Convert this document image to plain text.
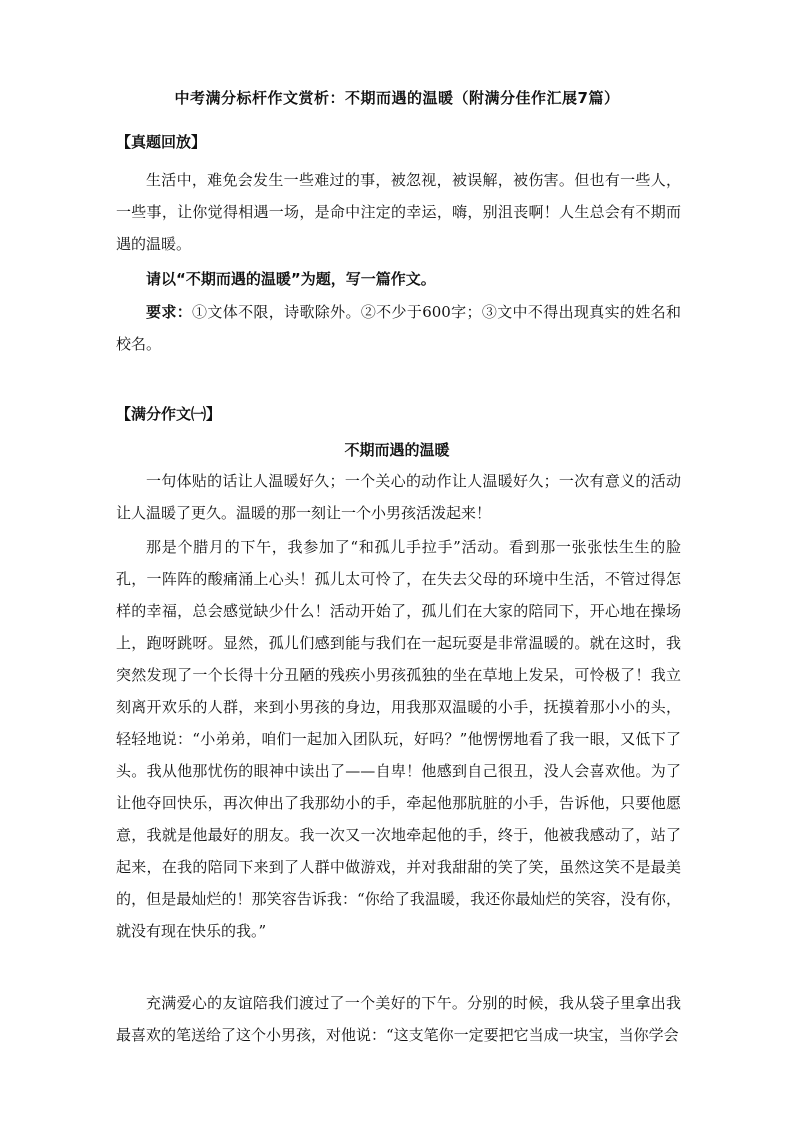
中考满分标杆作文赏析：不期而遇的温暖（附满分佳作汇展7篇）
【真题回放】

生活中，难免会发生一些难过的事，被忽视，被误解，被伤害。但也有一些人，一些事，让你觉得相遇一场，是命中注定的幸运，嗨，别沮丧啊！人生总会有不期而遇的温暖。

请以“不期而遇的温暖”为题，写一篇作文。

要求：①文体不限，诗歌除外。②不少于600字；③文中不得出现真实的姓名和校名。

【满分作文㈠】
不期而遇的温暖

一句体贴的话让人温暖好久；一个关心的动作让人温暖好久；一次有意义的活动让人温暖了更久。温暖的那一刻让一个小男孩活泼起来！

那是个腊月的下午，我参加了“和孤儿手拉手”活动。看到那一张张怯生生的脸孔，一阵阵的酸痛涌上心头！孤儿太可怜了，在失去父母的环境中生活，不管过得怎样的幸福，总会感觉缺少什么！活动开始了，孤儿们在大家的陪同下，开心地在操场上，跑呀跳呀。显然，孤儿们感到能与我们在一起玩耍是非常温暖的。就在这时，我突然发现了一个长得十分丑陋的残疾小男孩孤独的坐在草地上发呆，可怜极了！我立刻离开欢乐的人群，来到小男孩的身边，用我那双温暖的小手，抚摸着那小小的头，轻轻地说：“小弟弟，咱们一起加入团队玩，好吗？”他愣愣地看了我一眼，又低下了头。我从他那忧伤的眼神中读出了——自卑！他感到自己很丑，没人会喜欢他。为了让他夺回快乐，再次伸出了我那幼小的手，牵起他那肮脏的小手，告诉他，只要他愿意，我就是他最好的朋友。我一次又一次地牵起他的手，终于，他被我感动了，站了起来，在我的陪同下来到了人群中做游戏，并对我甜甜的笑了笑，虽然这笑不是最美的，但是最灿烂的！那笑容告诉我：“你给了我温暖，我还你最灿烂的笑容，没有你，就没有现在快乐的我。”

充满爱心的友谊陪我们渡过了一个美好的下午。分别的时候，我从袋子里拿出我最喜欢的笔送给了这个小男孩，对他说：“这支笔你一定要把它当成一块宝，当你学会
